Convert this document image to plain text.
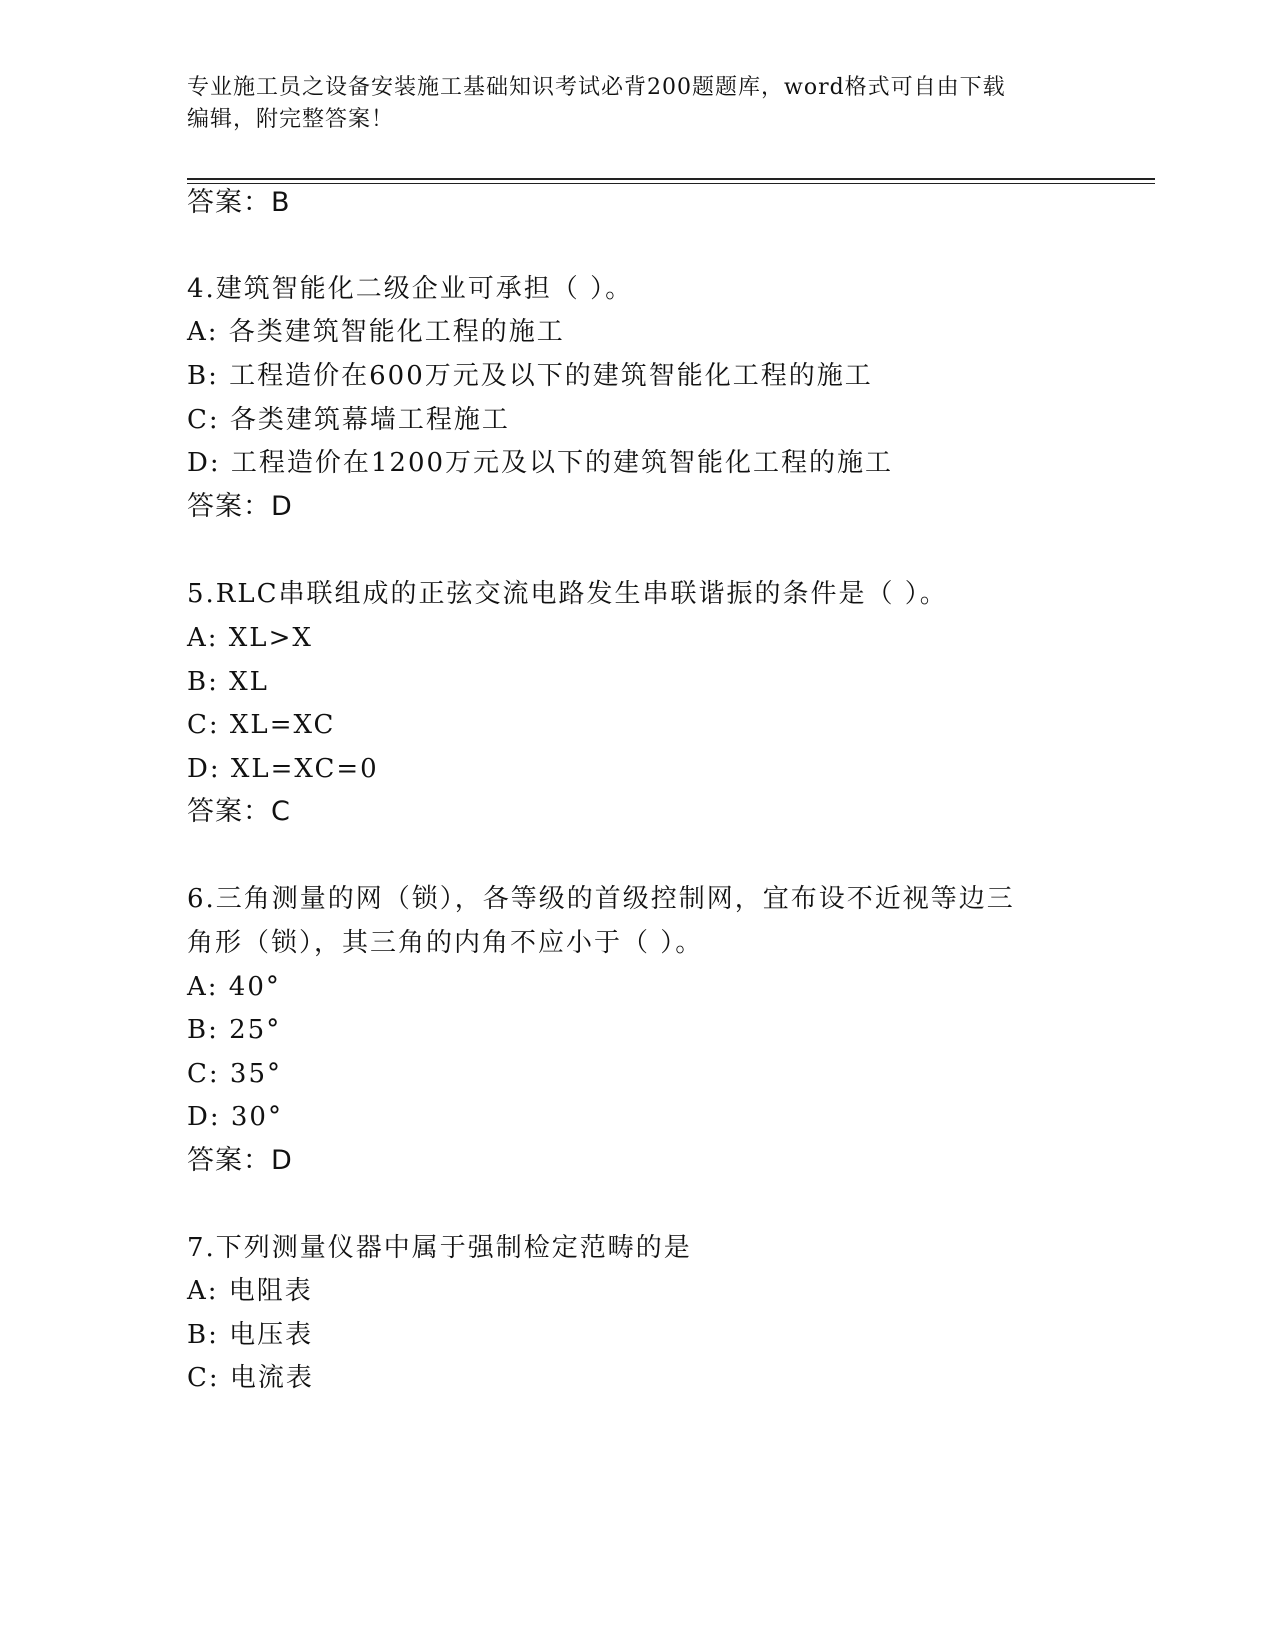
专业施工员之设备安装施工基础知识考试必背200题题库，word格式可自由下载
编辑，附完整答案！
答案：B
4.建筑智能化二级企业可承担（ ）。
A: 各类建筑智能化工程的施工
B: 工程造价在600万元及以下的建筑智能化工程的施工
C: 各类建筑幕墙工程施工
D: 工程造价在1200万元及以下的建筑智能化工程的施工
答案：D
5.RLC串联组成的正弦交流电路发生串联谐振的条件是（ ）。
A: XL>X
B: XL
C: XL=XC
D: XL=XC=0
答案：C
6.三角测量的网（锁），各等级的首级控制网，宜布设不近视等边三
角形（锁），其三角的内角不应小于（ ）。
A: 40°
B: 25°
C: 35°
D: 30°
答案：D
7.下列测量仪器中属于强制检定范畴的是
A: 电阻表
B: 电压表
C: 电流表
